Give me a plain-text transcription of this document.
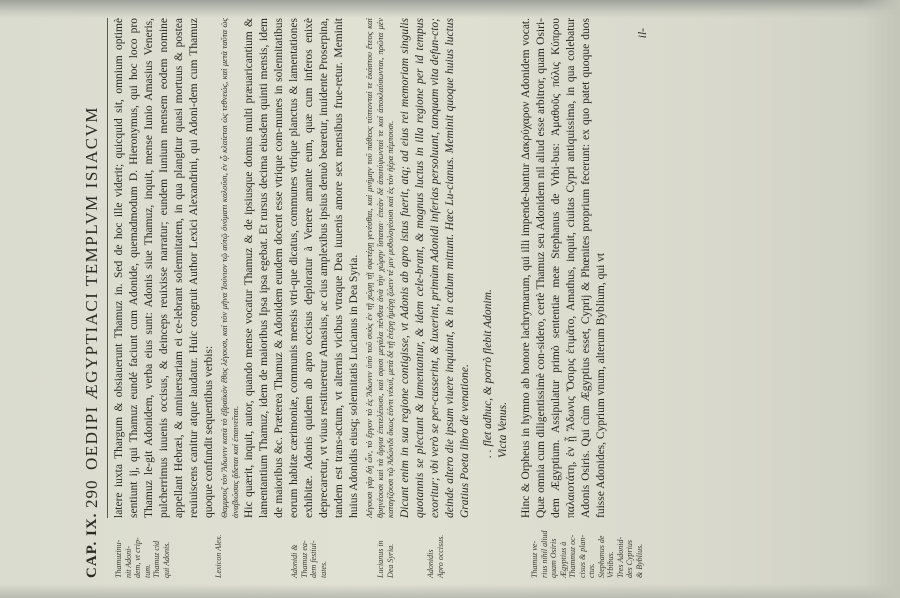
CAP. IX.
290
OEDIPI ÆGYPTIACI TEMPLVM ISIACVM
Thamuzinu- nit Adoni- dem, vt crip- tum. Thamuz cid qui Adonis.	Lexicon Alex.	Adonidi & Thamuz ea- dem festiui- tates.	Lucianus in Dea Syria.	Adonidis Apro occisus.	Thamuz ve- rius nihil aliud quam Osiris Ægyptius à Thammuz oc- cisus & plan- ctus. Stephanus de Vrbibus. Tres Adonid- des Cyprius & Byblius.

latere iuxta Thargum & obsiauerunt Thamuz in. Sed de hoc ille viderit; quicquid sit, omnium optimè sentiunt ij, qui Thamuz eundé faciunt cum Adonide, quemadmodum D. Hieronymus, qui hoc loco pro Thamuz le-git Adonidem, verba eius sunt: Adonis siue Thamuz, inquit, mense Iunio Amasius Veneris, pulcherrimus iuuenis occisus, & deinceps reuixisse narratur; eundem Iunium mensem eodem nomine appellant Hebræi, & anniuersariam ei ce-lebrant solemnitatem, in qua plangitur quasi mortuus & postea reuiuiscens canitur atque laudatur. Huic congruit Author Lexici Alexandrini, qui Adoni-dem cum Thamuz quoque confundit sequentibus verbis: Θαμμουζ τὸν Ἄδωνιν κατὰ τὸ ἑβραϊκὸν ἔθος λέγουσι, καὶ τὸν μῆνα Ἰούνιον τῷ αὐτῷ ὀνόματι καλοῦσι, ἐν ᾧ κλαίεται ὡς τεθνεώς, καὶ μετὰ ταῦτα ὡς ἀναβιώσας ᾄδεται καὶ ἐπαινεῖται. Hic quærit, inquit, autor, quando mense vocatur Thamuz & de ipsiusque domus multi præuaricantium & lamentantium Thamuz, idem de maioribus Ipsa ipsa egebat. Et rursus decima eiusdem quinti mensis, idem de maioribus &c. Præterea Thamuz & Adonidem eundem docent esse vtrique com-munes in solennitatibus eorum habitæ cærimoniæ, communis mensis vtri-que dicatus, communes vtrique planctus & lamentationes exhibitæ. Adonis quidem ab apro occisus deploratur à Venere amante eum, quæ cum inferos enixè deprecaretur, vt viuus restitueretur Amasius, ac cius amplexibus ipsius denuò bearetur, inuidente Proserpina, tandem est trans-actum, vt alternis vicibus vtraque Dea iuuenis amore sex mensibus frue-retur. Meminit huius Adonidis eiusq; solennitatis Lucianus in Dea Syria. Λέγουσι γὰρ δὴ ὦν, τὸ ἔργον τὸ ἐς Ἄδωνιν ὑπὸ τοῦ συὸς ἐν τῇ χώρῃ τῇ σφετέρῃ γενέσθαι, καὶ μνήμην τοῦ πάθεος τύπτονταί τε ἑκάστου ἔτεος καὶ θρηνέουσι καὶ τὰ ὄργια ἐπιτελέουσι, καί σφισι μεγάλα πένθεα ἀνὰ τὴν χώρην ἵσταται· ἐπεὰν δὲ ἀποτύψωνταί τε καὶ ἀποκλαύσωνται, πρῶτα μὲν καταγίζουσι τῷ Ἀδώνιδι ὅκως ἐόντι νέκυϊ, μετὰ δὲ τῇ ἑτέρῃ ἡμέρῃ ζώειν τέ μιν μυθολογέουσι καὶ ἐς τὸν ἠέρα πέμπουσι. Dicunt enim in sua regione contigisse, vt Adonis ab apro istus fuerit, atq; ad eius rei memoriam singulis quotannis se plectunt & lamentantur, & idem cele-brant, & magnus luctus in illa regione per id tempus exoritur; vbi verò se per-cusserint, & luxerint, primùm Adonidi inferias persoluunt, tanquam vita defun-cto; deinde altero die ipsum viuere inquiunt, & in cœlum mittunt. Hæc Lu-cianus. Meminit quoque huius luctus Gratius Poeta libro de venatione. . . flet adhuc, & porrò flebit Adonim. Victa Venus. Hinc & Orpheus in hymno ab honore lachrymarum, qui illi impende-bantur Δακρύχαρον Adonidem vocat. Quæ omnia cum diligentissimè con-sidero, certè Thamuz seu Adonidem nil aliud esse arbitror, quam Osiri-dem Ægyptium. Assipulatur primò sententiæ meæ Stephanus de Vrbi-bus: Ἀμαθοῦς πόλις Κύπρου παλαιοτάτη, ἐν ᾗ Ἄδωνις Ὄσιρις ἐτιμᾶτο, Amathus, inquit, ciuitas Cypri antiquissima, in qua colebatur Adonis Osiris. Qui cùm Ægyptius esset, Cyprij & Phœnites proprium fecerunt: ex quo patet quoque duos fuisse Adonides, Cyprium vnum, alterum Byblium, qui vt

il-
